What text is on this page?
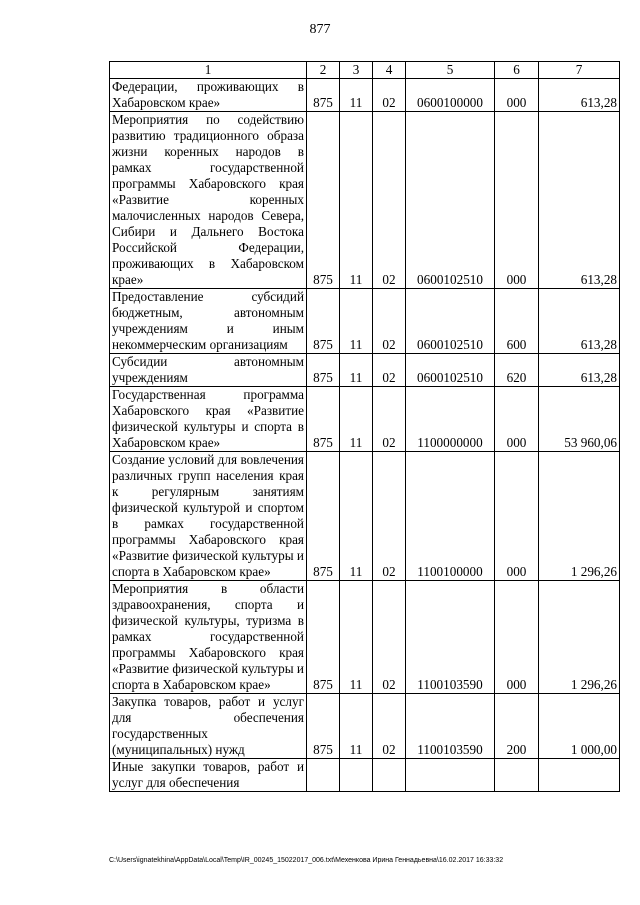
877
1	2	3	4	5	6	7
Федерации, проживающих в Хабаровском крае»	875	11	02	0600100000	000	613,28
Мероприятия по содействию развитию традиционного образа жизни коренных народов в рамках государственной программы Хабаровского края «Развитие коренных малочисленных народов Севера, Сибири и Дальнего Востока Российской Федерации, проживающих в Хабаровском крае»	875	11	02	0600102510	000	613,28
Предоставление субсидий бюджетным, автономным учреждениям и иным некоммерческим организациям	875	11	02	0600102510	600	613,28
Субсидии автономным учреждениям	875	11	02	0600102510	620	613,28
Государственная программа Хабаровского края «Развитие физической культуры и спорта в Хабаровском крае»	875	11	02	1100000000	000	53 960,06
Создание условий для вовлечения различных групп населения края к регулярным занятиям физической культурой и спортом в рамках государственной программы Хабаровского края «Развитие физической культуры и спорта в Хабаровском крае»	875	11	02	1100100000	000	1 296,26
Мероприятия в области здравоохранения, спорта и физической культуры, туризма в рамках государственной программы Хабаровского края «Развитие физической культуры и спорта в Хабаровском крае»	875	11	02	1100103590	000	1 296,26
Закупка товаров, работ и услуг для обеспечения государственных (муниципальных) нужд	875	11	02	1100103590	200	1 000,00
Иные закупки товаров, работ и услуг для обеспечения						
C:\Users\ignatekhina\AppData\Local\Temp\IR_00245_15022017_006.txt\Мехенкова Ирина Геннадьевна\16.02.2017 16:33:32
